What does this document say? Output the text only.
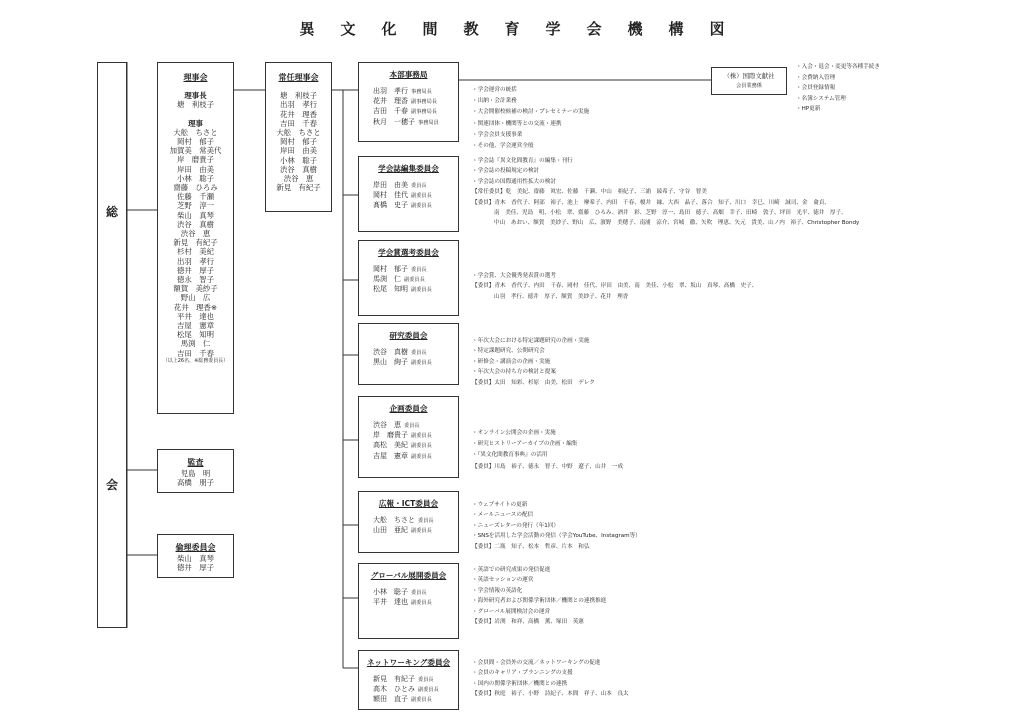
異文化間教育学会機構図
総
会
理事会
理事長
塘　利枝子
理事
大舩　ちさと
岡村　郁子
加賀美　常美代
岸　磨貴子
岸田　由美
小林　聡子
齋藤　ひろみ
佐藤　千瀬
芝野　淳一
柴山　真琴
渋谷　真樹
渋谷　恵
新見　有紀子
杉村　美紀
出羽　孝行
徳井　厚子
徳永　智子
額賀　美紗子
野山　広
花井　理香※
平井　達也
吉屋　憲章
松尾　知明
馬渕　仁
吉田　千春
（以上26名、※総務委員長）
常任理事会
塘　利枝子
出羽　孝行
花井　理香
吉田　千春
大舩　ちさと
岡村　郁子
岸田　由美
小林　聡子
渋谷　真樹
渋谷　恵
新見　有紀子
監査
児島　明
高橋　朋子
倫理委員会
柴山　真琴
徳井　厚子
本部事務局
出羽　孝行 事務局長
花井　理香 副事務局長
吉田　千春 副事務局長
秋月　一穂子 事務局員
・学会運営の統括
・出納・会計業務
・大会開催校候補の検討・プレセミナーの実施
・関連団体・機関等との交流・連携
・学会会員支援事業
・その他、学会運営全般
学会誌編集委員会
岸田　由美 委員長
岡村　佳代 副委員長
髙橋　史子 副委員長
・学会誌『異文化間教育』の編集・刊行
・学会誌の投稿規定の検討
・学会誌の国際通用性拡大の検討
【常任委員】乾　美紀、齋藤　眞宏、佐藤　千瀬、中山　亜紀子、三浦　綾希子、守谷　智美
【委員】青木　香代子、阿部　裕子、池上　摩希子、内田　千春、榎井　縁、大西　晶子、落合　知子、川口　幸巳、川崎　誠司、金　侖貞、
南　美佳、児島　明、小松　翠、齋藤　ひろみ、酒井　彩、芝野　淳一、島田　徳子、高畑　幸子、田崎　敦子、坪田　光平、徳井　厚子、
中山　あおい、額賀　美紗子、野山　広、濱野　美穂子、南浦　涼介、宮城　徹、矢吹　理恵、矢元　貴美、山ノ内　裕子、Christopher Bondy
学会賞選考委員会
岡村　郁子 委員長
馬渕　仁 副委員長
松尾　知明 副委員長
・学会賞、大会優秀発表賞の選考
【委員】青木　香代子、内田　千春、岡村　佳代、岸田　由美、南　美佳、小松　翠、坂山　真琴、髙橋　史子、
山羽　孝行、徳井　厚子、額賀　美紗子、花井　理香
研究委員会
渋谷　真樹 委員長
黒山　絢子 副委員長
・年次大会における特定課題研究の企画・実施
・特定課題研究、公開研究会
・研修会・講演会の企画・実施
・年次大会の持ち方の検討と提案
【委員】太田　知彩、杉原　由美、松田　デレク
企画委員会
渋谷　恵 委員長
岸　磨貴子 副委員長
高松　美紀 副委員長
吉屋　憲章 副委員長
・オンライン公開会の企画・実施
・研究ヒストリーアーカイブの企画・編集
・『異文化間教育事典』の活用
【委員】川島　裕子、徳永　智子、中野　遼子、山井　一成
広報・ICT委員会
大舩　ちさと 委員長
山田　亜紀 副委員長
・ウェブサイトの更新
・メールニュースの配信
・ニューズレターの発行（年1回）
・SNSを活用した学会活動の発信（学会YouTube、Instagram等）
【委員】二瓶　知子、松本　哲彦、片本　和弘
グローバル展開委員会
小林　聡子 委員長
平井　達也 副委員長
・英語での研究成果の発信促進
・英語セッションの運営
・学会情報の英語化
・海外研究者および関係学術団体／機関との連携推進
・グローバル展開検討会の運営
【委員】岩渕　和祥、高橋　薫、塚田　英憲
ネットワーキング委員会
新見　有紀子 委員長
高木　ひとみ 副委員長
額田　直子 副委員長
・会員間・会員外の交流／ネットワーキングの促進
・会員のキャリア・プランニングの支援
・国内の関係学術団体／機関との連携
【委員】秋庭　裕子、小野　詩紀子、本間　祥子、山本　良太
（株）国際文献社
会員業務係
・入会・退会・変更等各種手続き
・会費納入管理
・会員登録情報
・名簿システム管理
・HP更新
